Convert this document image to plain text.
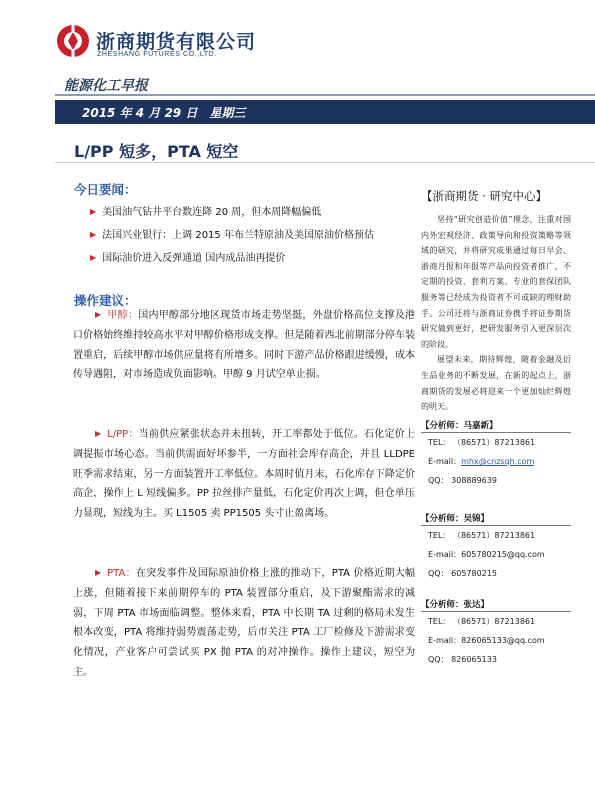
浙商期货有限公司
ZHESHANG FUTURES CO.,LTD.
能源化工早报
2015 年 4 月 29 日 星期三
L/PP 短多，PTA 短空
今日要闻：
▶ 美国油气钻井平台数连降 20 周，但本周降幅偏低
▶ 法国兴业银行：上调 2015 年布兰特原油及美国原油价格预估
▶ 国际油价进入反弹通道 国内成品油再提价
操作建议：
▶ 甲醇：国内甲醇部分地区现货市场走势坚挺，外盘价格高位支撑及港口价格始终维持较高水平对甲醇价格形成支撑。但是随着西北前期部分停车装置重启，后续甲醇市场供应量将有所增多。同时下游产品价格跟进缓慢，成本传导遇阻，对市场造成负面影响。甲醇 9 月试空单止损。
▶ L/PP：当前供应紧张状态并未扭转，开工率都处于低位。石化定价上调提振市场心态。当前供需面好坏参半，一方面社会库存高企，并且 LLDPE 旺季需求结束，另一方面装置开工率低位。本周时值月末，石化库存下降定价高企，操作上 L 短线偏多。PP 拉丝排产量低，石化定价再次上调，但仓单压力显现，短线为主。买 L1505 卖 PP1505 头寸止盈离场。
▶ PTA：在突发事件及国际原油价格上涨的推动下，PTA 价格近期大幅上涨，但随着接下来前期停车的 PTA 装置部分重启，及下游聚酯需求的减弱，下周 PTA 市场面临调整。整体来看，PTA 中长期 TA 过剩的格局未发生根本改变，PTA 将维持弱势震荡走势，后市关注 PTA 工厂检修及下游需求变化情况，产业客户可尝试买 PX 抛 PTA 的对冲操作。操作上建议，短空为主。
【浙商期货 · 研究中心】

坚持“研究创造价值”理念，注重对国内外宏观经济、政策导向和投资策略等领域的研究，并将研究成果通过每日早会、浙商月报和年报等产品向投资者推广，不定期的投资、套利方案、专业的套保团队服务等已经成为投资者不可或缺的理财助手。公司还将与浙商证券携手将证券期货研究做到更好，把研发服务引入更深层次的阶段。

展望未来，期待辉煌，随着金融及衍生品业务的不断发展，在新的起点上，浙商期货的发展必将迎来一个更加灿烂辉煌的明天。

【分析师：马嘉新】
TEL： （86571）87213861
E-mail：mhx@cnzsqh.com
QQ： 308889639
【分析师：吴锦】
TEL： （86571）87213861
E-mail：605780215@qq.com
QQ： 605780215
【分析师：张达】
TEL： （86571）87213861
E-mail：826065133@qq.com
QQ： 826065133
